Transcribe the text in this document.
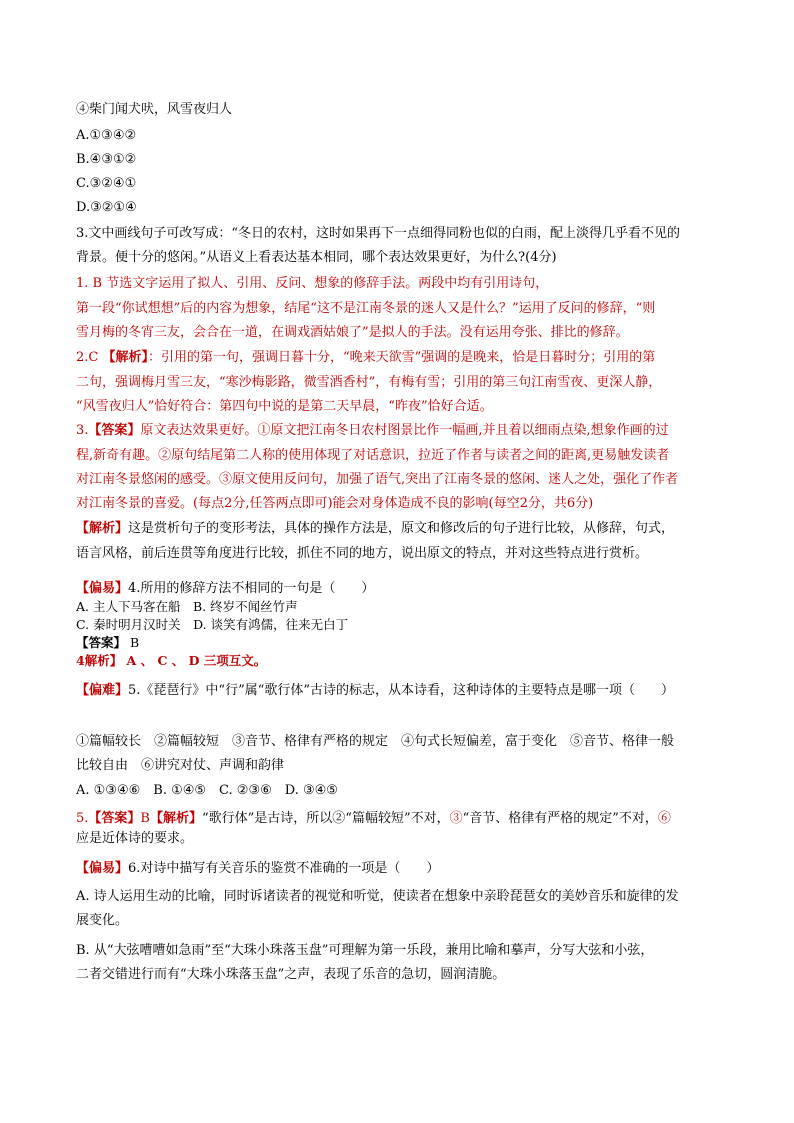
④柴门闻犬吠，风雪夜归人
A.①③④②
B.④③①②
C.③②④①
D.③②①④
3.文中画线句子可改写成：“冬日的农村，这时如果再下一点细得同粉也似的白雨，配上淡得几乎看不见的
背景。便十分的悠闲。”从语义上看表达基本相同，哪个表达效果更好，为什么?(4分)
1. B 节选文字运用了拟人、引用、反问、想象的修辞手法。两段中均有引用诗句，
第一段“你试想想”后的内容为想象，结尾“这不是江南冬景的迷人又是什么？”运用了反问的修辞，“则
雪月梅的冬宵三友，会合在一道，在调戏酒姑娘了”是拟人的手法。没有运用夸张、排比的修辞。
2.C 【解析】：引用的第一句，强调日暮十分，“晚来天欲雪”强调的是晚来，恰是日暮时分；引用的第
二句，强调梅月雪三友，“寒沙梅影路，微雪酒香村”，有梅有雪；引用的第三句江南雪夜、更深人静，
“风雪夜归人”恰好符合：第四句中说的是第二天早晨，“昨夜”恰好合适。
3.【答案】原文表达效果更好。①原文把江南冬日农村图景比作一幅画,并且着以细雨点染,想象作画的过
程,新奇有趣。②原句结尾第二人称的使用体现了对话意识，拉近了作者与读者之间的距离,更易触发读者
对江南冬景悠闲的感受。③原文使用反问句，加强了语气,突出了江南冬景的悠闲、迷人之处，强化了作者
对江南冬景的喜爱。(每点2分,任答两点即可)能会对身体造成不良的影响(每空2分，共6分)
【解析】这是赏析句子的变形考法，具体的操作方法是，原文和修改后的句子进行比较，从修辞，句式，
语言风格，前后连贯等角度进行比较，抓住不同的地方，说出原文的特点，并对这些特点进行赏析。
【偏易】4.所用的修辞方法不相同的一句是（　　）
A. 主人下马客在船　B. 终岁不闻丝竹声
C. 秦时明月汉时关　D. 谈笑有鸿儒，往来无白丁
【答案】 B
4解析】 A 、 C 、 D 三项互文。
【偏难】5.《琵琶行》中“行”属“歌行体”古诗的标志，从本诗看，这种诗体的主要特点是哪一项（　　）
①篇幅较长　②篇幅较短　③音节、格律有严格的规定　④句式长短偏差，富于变化　⑤音节、格律一般
比较自由　⑥讲究对仗、声调和韵律
A. ①③④⑥　B. ①④⑤　C. ②③⑥　D. ③④⑤
5.【答案】B【解析】“歌行体”是古诗，所以②“篇幅较短”不对，③“音节、格律有严格的规定”不对，⑥
应是近体诗的要求。
【偏易】6.对诗中描写有关音乐的鉴赏不准确的一项是（　　）
A. 诗人运用生动的比喻，同时诉诸读者的视觉和听觉，使读者在想象中亲聆琵琶女的美妙音乐和旋律的发
展变化。
B. 从“大弦嘈嘈如急雨”至“大珠小珠落玉盘”可理解为第一乐段，兼用比喻和摹声，分写大弦和小弦，
二者交错进行而有“大珠小珠落玉盘”之声，表现了乐音的急切，圆润清脆。
